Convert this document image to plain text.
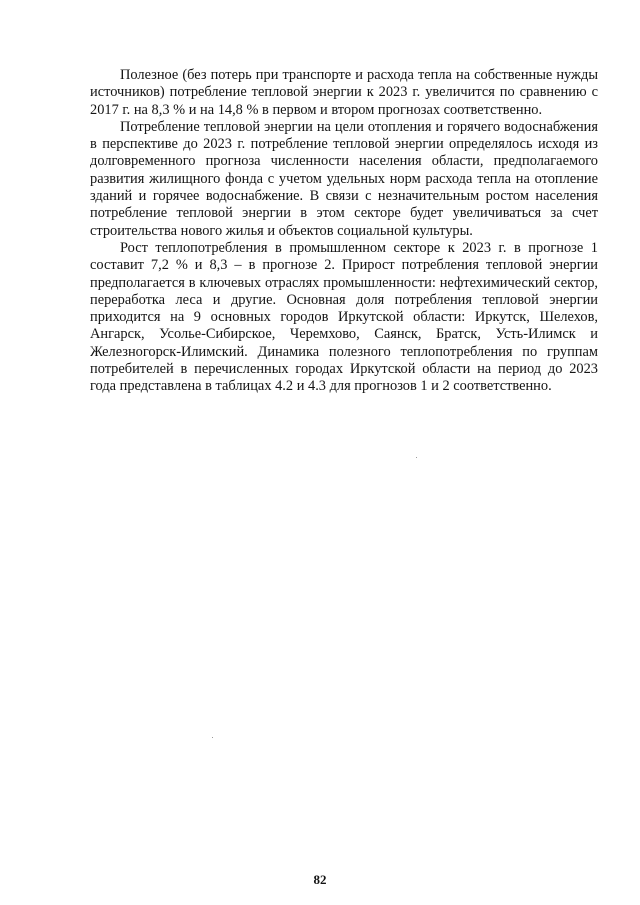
Полезное (без потерь при транспорте и расхода тепла на собственные нужды источников) потребление тепловой энергии к 2023 г. увеличится по сравнению с 2017 г. на 8,3 % и на 14,8 % в первом и втором прогнозах соответственно.

Потребление тепловой энергии на цели отопления и горячего водоснабжения в перспективе до 2023 г. потребление тепловой энергии определялось исходя из долговременного прогноза численности населения области, предполагаемого развития жилищного фонда с учетом удельных норм расхода тепла на отопление зданий и горячее водоснабжение. В связи с незначительным ростом населения потребление тепловой энергии в этом секторе будет увеличиваться за счет строительства нового жилья и объектов социальной культуры.

Рост теплопотребления в промышленном секторе к 2023 г. в прогнозе 1 составит 7,2 % и 8,3 – в прогнозе 2. Прирост потребления тепловой энергии предполагается в ключевых отраслях промышленности: нефтехимический сектор, переработка леса и другие. Основная доля потребления тепловой энергии приходится на 9 основных городов Иркутской области: Иркутск, Шелехов, Ангарск, Усолье-Сибирское, Черемхово, Саянск, Братск, Усть-Илимск и Железногорск-Илимский. Динамика полезного теплопотребления по группам потребителей в перечисленных городах Иркутской области на период до 2023 года представлена в таблицах 4.2 и 4.3 для прогнозов 1 и 2 соответственно.

82
